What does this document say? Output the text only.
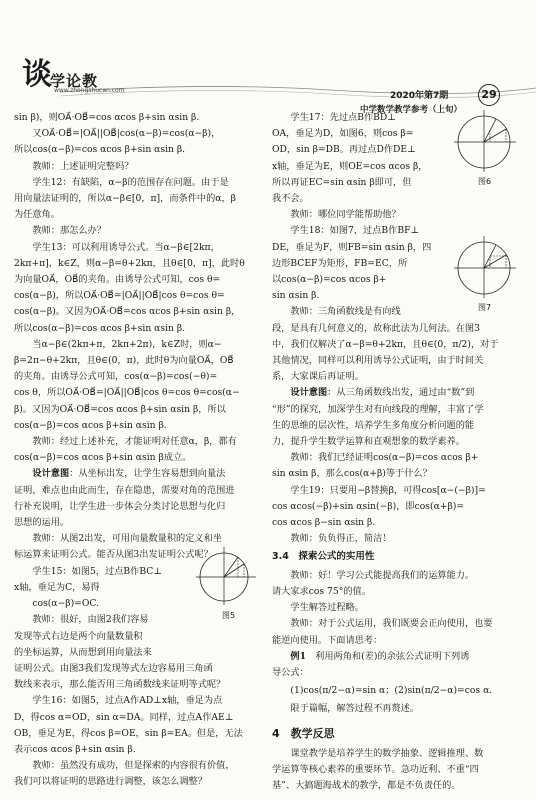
谈
学论教
www.zhongshucan.com
2020年第7期	29
中学数学教学参考（上旬）

sin β)，则OA⃗·OB⃗=cos αcos β+sin αsin β.

又OA⃗·OB⃗=|OA⃗||OB⃗|cos(α−β)=cos(α−β)，

所以cos(α−β)=cos αcos β+sin αsin β.

教师：上述证明完整吗？

学生12：有缺陷，α−β的范围存在问题。由于是

用向量法证明的，所以α−β∈[0，π]，而条件中的α，β

为任意角。

教师：那怎么办？

学生13：可以利用诱导公式。当α−β∈[2kπ，

2kπ+π]，k∈Z，则α−β=θ+2kπ，且θ∈[0，π]，此时θ

为向量OA⃗，OB⃗的夹角。由诱导公式可知，cos θ=

cos(α−β)，所以OA⃗·OB⃗=|OA⃗||OB⃗|cos θ=cos θ=

cos(α−β)。又因为OA⃗·OB⃗=cos αcos β+sin αsin β，

所以cos(α−β)=cos αcos β+sin αsin β.

当α−β∈(2kπ+π，2kπ+2π)，k∈Z时，则α−

β=2π−θ+2kπ，且θ∈(0，π)，此时θ为向量OA⃗，OB⃗

的夹角。由诱导公式可知，cos(α−β)=cos(−θ)=

cos θ，所以OA⃗·OB⃗=|OA⃗||OB⃗|cos θ=cos θ=cos(α−

β)。又因为OA⃗·OB⃗=cos αcos β+sin αsin β，所以

cos(α−β)=cos αcos β+sin αsin β.

教师：经过上述补充，才能证明对任意α，β，都有

cos(α−β)=cos αcos β+sin αsin β成立。

设计意图：从坐标出发，让学生容易想到向量法

证明，难点也由此而生，存在隐患，需要对角的范围进

行补充说明，让学生进一步体会分类讨论思想与化归

思想的运用。

教师：从图2出发，可用向量数量积的定义和坐

标运算来证明公式。能否从图3出发证明公式呢？

学生15：如图5，过点B作BC⊥

x轴，垂足为C，易得

cos(α−β)=OC.

教师：很好，由图2我们容易

发现等式右边是两个向量数量积

的坐标运算，从而想到用向量法来

证明公式。由图3我们发现等式左边容易用三角函

数线来表示，那么能否用三角函数线来证明等式呢？

学生16：如图5，过点A作AD⊥x轴，垂足为点

D，得cos α=OD，sin α=DA。同样，过点A作AE⊥

OB，垂足为E，得cos β=OE，sin β=EA。但是，无法

表示cos αcos β+sin αsin β.

教师：虽然没有成功，但是探索的内容很有价值，

我们可以将证明的思路进行调整，该怎么调整？

图5

学生17：先过点B作BD⊥

OA，垂足为D，如图6，则cos β=

OD，sin β=DB。再过点D作DE⊥

x轴，垂足为E，则OE=cos αcos β，

所以再证EC=sin αsin β即可，但

我不会。

教师：哪位同学能帮助他？

学生18：如图7，过点B作BF⊥

DE，垂足为F，则FB=sin αsin β，四

边形BCEF为矩形，FB=EC，所

以cos(α−β)=cos αcos β+

sin αsin β.

教师：三角函数线是有向线

段，是具有几何意义的，故称此法为几何法。在图3

中，我们仅解决了α−β=θ+2kπ，且θ∈(0，π/2)，对于

其他情况，同样可以利用诱导公式证明，由于时间关

系，大家课后再证明。

设计意图：从三角函数线出发，通过由“数”到

“形”的探究，加深学生对有向线段的理解，丰富了学

生的思维的层次性，培养学生多角度分析问题的能

力，提升学生数学运算和直观想象的数学素养。

教师：我们已经证明cos(α−β)=cos αcos β+

sin αsin β，那么cos(α+β)等于什么？

学生19：只要用−β替换β，可得cos[α−(−β)]=

cos αcos(−β)+sin αsin(−β)，即cos(α+β)=

cos αcos β−sin αsin β.

教师：负负得正，简洁！

3.4　探索公式的实用性

教师：好！学习公式能提高我们的运算能力。

请大家求cos 75°的值。

学生解答过程略。

教师：对于公式运用，我们既要会正向使用，也要

能逆向使用。下面请思考：

例1　 利用两角和(差)的余弦公式证明下列诱

导公式：

(1)cos(π/2−α)=sin α；(2)sin(π/2−α)=cos α.

限于篇幅，解答过程不再赘述。

4　教学反思

课堂教学是培养学生的数学抽象、逻辑推理、数

学运算等核心素养的重要环节。急功近利、不重“四

基”、大搞题海战术的教学，都是不负责任的。

图6
图7
